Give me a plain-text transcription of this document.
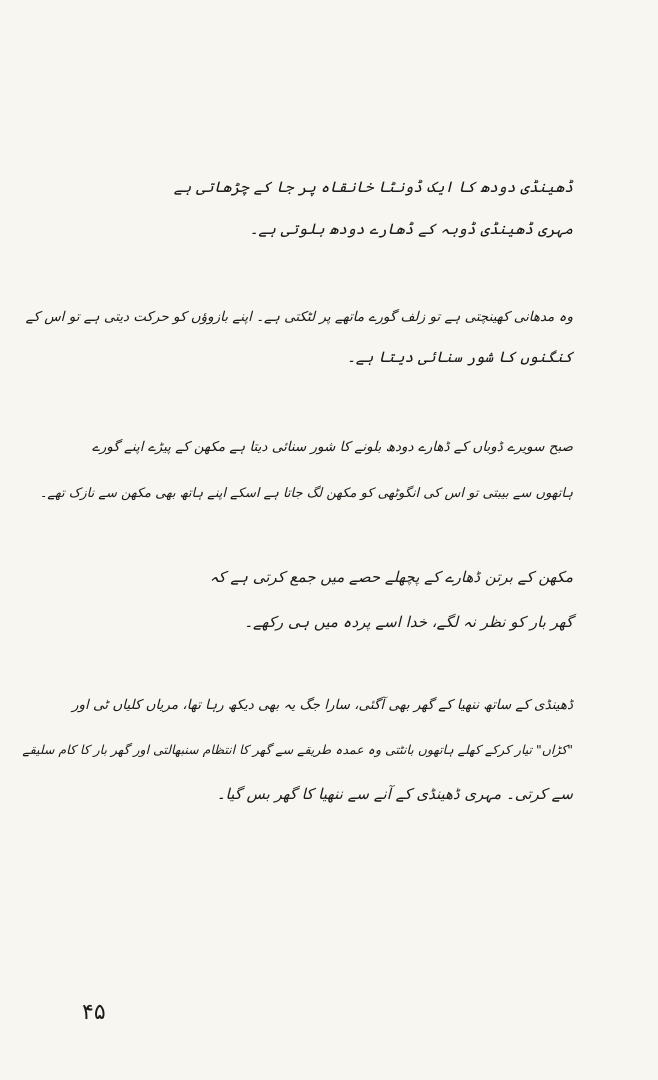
ڈھینڈی دودھ کا ایک ڈونٹا خانقاہ پر جا کے چڑھاتی ہے
مہری ڈھینڈی ڈوبہ کے ڈھارے دودھ بلوتی ہے۔
وہ مدھانی کھینچتی ہے تو زلف گورے ماتھے پر لٹکتی ہے۔ اپنے بازوؤں کو حرکت دیتی ہے تو اس کے
کنگنوں کا شور سنائی دیتا ہے۔
صبح سویرے ڈوباں کے ڈھارے دودھ بلونے کا شور سنائی دیتا ہے مکھن کے پیڑے اپنے گورے
ہاتھوں سے بیبتی تو اس کی انگوٹھی کو مکھن لگ جاتا ہے اسکے اپنے ہاتھ بھی مکھن سے نازک تھے۔
مکھن کے برتن ڈھارے کے پچھلے حصے میں جمع کرتی ہے کہ
گھر بار کو نظر نہ لگے، خدا اسے پردہ میں ہی رکھے۔
ڈھینڈی کے ساتھ ننھیا کے گھر بھی آگئی، سارا جگ یہ بھی دیکھ رہا تھا، مریاں کلیاں ٹی اور
"کڑاں" تیار کرکے کھلے ہاتھوں بانٹتی وہ عمدہ طریقے سے گھر کا انتظام سنبھالتی اور گھر بار کا کام سلیقے
سے کرتی۔ مہری ڈھینڈی کے آنے سے ننھیا کا گھر بس گیا۔
۴۵
